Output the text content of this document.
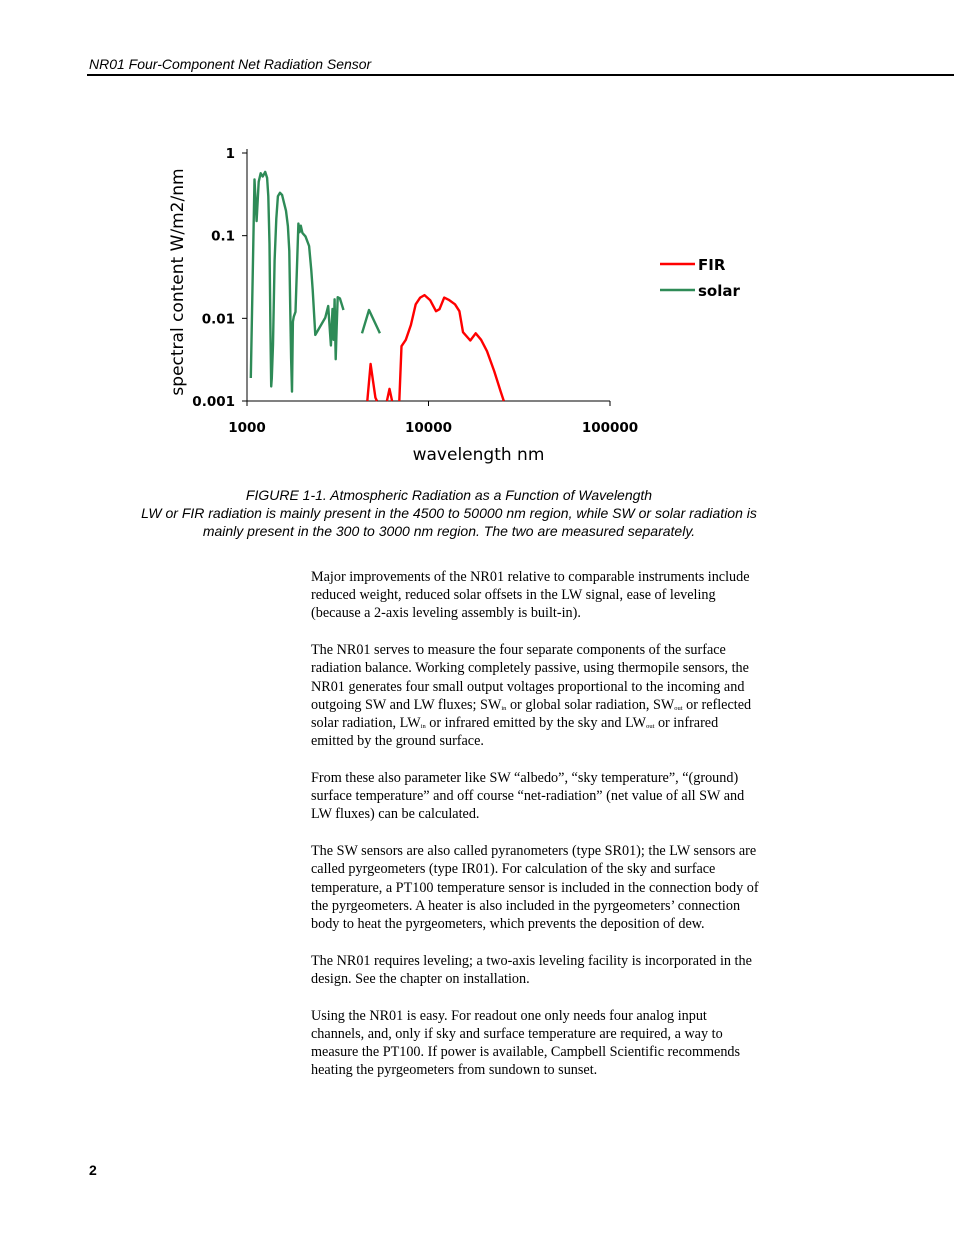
NR01 Four-Component Net Radiation Sensor
0.001
0.01
0.1
1
1000	10000	100000
FIR
solar
wavelength nm
spectral content W/m2/nm
FIGURE 1-1. Atmospheric Radiation as a Function of Wavelength
LW or FIR radiation is mainly present in the 4500 to 50000 nm region, while SW or solar radiation is
mainly present in the 300 to 3000 nm region. The two are measured separately.

Major improvements of the NR01 relative to comparable instruments include
reduced weight, reduced solar offsets in the LW signal, ease of leveling
(because a 2-axis leveling assembly is built-in).

The NR01 serves to measure the four separate components of the surface
radiation balance. Working completely passive, using thermopile sensors, the
NR01 generates four small output voltages proportional to the incoming and
outgoing SW and LW fluxes; $SW_{in}$ or global solar radiation, $SW_{out}$ or reflected
solar radiation, $LW_{in}$ or infrared emitted by the sky and $LW_{out}$ or infrared
emitted by the ground surface.

From these also parameter like SW “albedo”, “sky temperature”, “(ground)
surface temperature” and off course “net-radiation” (net value of all SW and
LW fluxes) can be calculated.

The SW sensors are also called pyranometers (type SR01); the LW sensors are
called pyrgeometers (type IR01). For calculation of the sky and surface
temperature, a PT100 temperature sensor is included in the connection body of
the pyrgeometers. A heater is also included in the pyrgeometers’ connection
body to heat the pyrgeometers, which prevents the deposition of dew.

The NR01 requires leveling; a two-axis leveling facility is incorporated in the
design. See the chapter on installation.

Using the NR01 is easy. For readout one only needs four analog input
channels, and, only if sky and surface temperature are required, a way to
measure the PT100. If power is available, Campbell Scientific recommends
heating the pyrgeometers from sundown to sunset.

2
